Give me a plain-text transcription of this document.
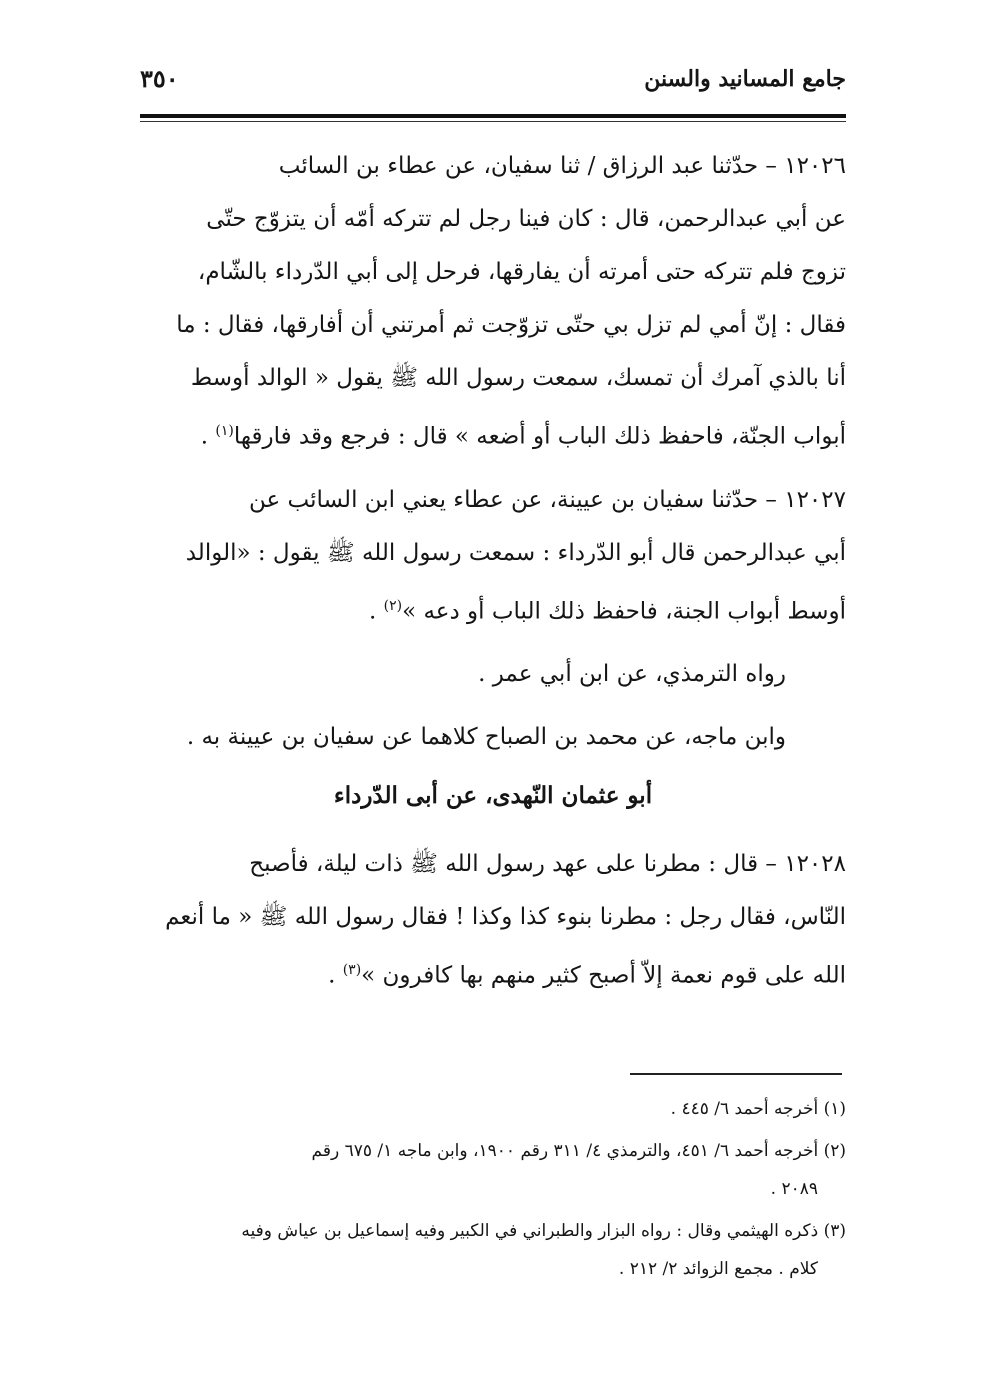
جامع المسانيد والسنن
٣٥٠
١٢٠٢٦ – حدّثنا عبد الرزاق / ثنا سفيان، عن عطاء بن السائب
عن أبي عبدالرحمن، قال : كان فينا رجل لم تتركه أمّه أن يتزوّج حتّى
تزوج فلم تتركه حتى أمرته أن يفارقها، فرحل إلى أبي الدّرداء بالشّام،
فقال : إنّ أمي لم تزل بي حتّى تزوّجت ثم أمرتني أن أفارقها، فقال : ما
أنا بالذي آمرك أن تمسك، سمعت رسول الله ﷺ يقول « الوالد أوسط
أبواب الجنّة، فاحفظ ذلك الباب أو أضعه » قال : فرجع وقد فارقها$^{(١)}$ .
١٢٠٢٧ – حدّثنا سفيان بن عيينة، عن عطاء يعني ابن السائب عن
أبي عبدالرحمن قال أبو الدّرداء : سمعت رسول الله ﷺ يقول : «الوالد
أوسط أبواب الجنة، فاحفظ ذلك الباب أو دعه »$^{(٢)}$ .
رواه الترمذي، عن ابن أبي عمر .
وابن ماجه، عن محمد بن الصباح كلاهما عن سفيان بن عيينة به .
أبو عثمان النّهدى، عن أبى الدّرداء
١٢٠٢٨ – قال : مطرنا على عهد رسول الله ﷺ ذات ليلة، فأصبح
النّاس، فقال رجل : مطرنا بنوء كذا وكذا ! فقال رسول الله ﷺ « ما أنعم
الله على قوم نعمة إلاّ أصبح كثير منهم بها كافرون »$^{(٣)}$ .
(١) أخرجه أحمد ٦/ ٤٤٥ .
(٢) أخرجه أحمد ٦/ ٤٥١، والترمذي ٤/ ٣١١ رقم ١٩٠٠، وابن ماجه ١/ ٦٧٥ رقم
٢٠٨٩ .
(٣) ذكره الهيثمي وقال : رواه البزار والطبراني في الكبير وفيه إسماعيل بن عياش وفيه
كلام . مجمع الزوائد ٢/ ٢١٢ .
